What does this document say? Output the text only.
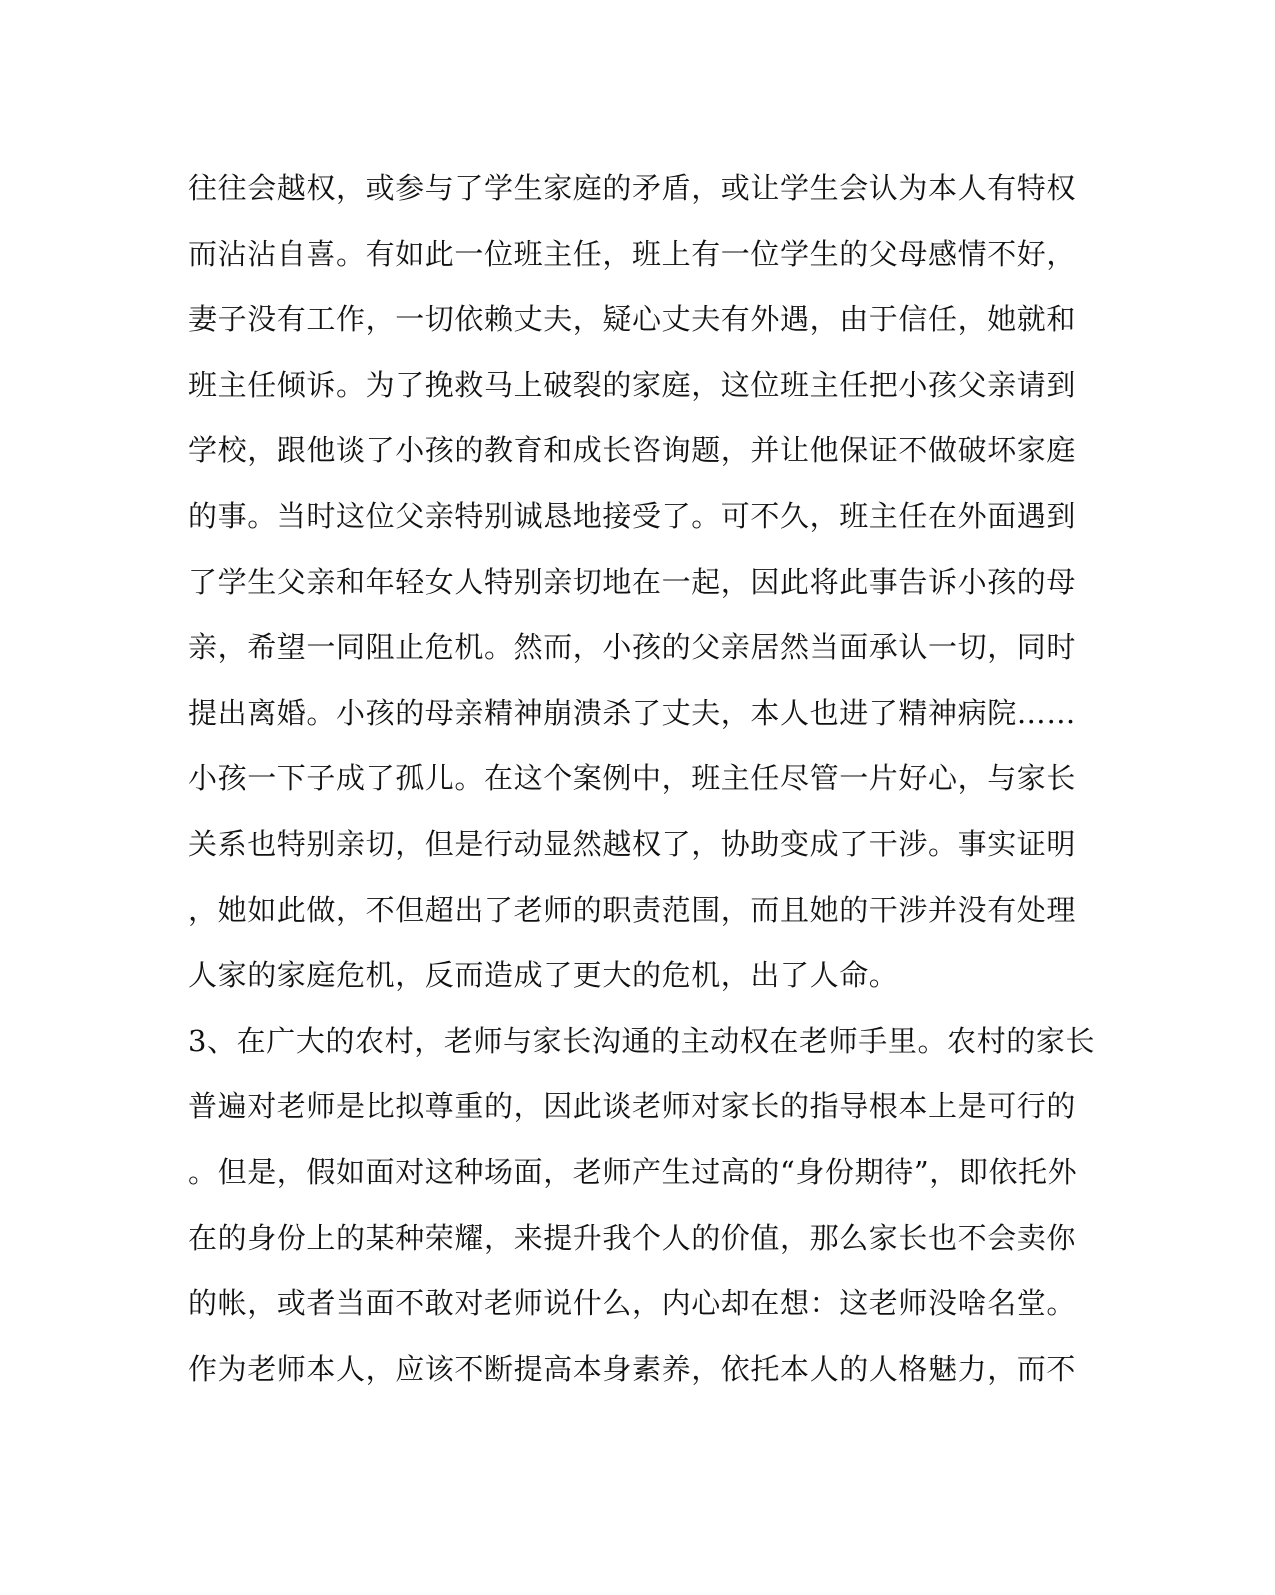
往往会越权，或参与了学生家庭的矛盾，或让学生会认为本人有特权
而沾沾自喜。有如此一位班主任，班上有一位学生的父母感情不好，
妻子没有工作，一切依赖丈夫，疑心丈夫有外遇，由于信任，她就和
班主任倾诉。为了挽救马上破裂的家庭，这位班主任把小孩父亲请到
学校，跟他谈了小孩的教育和成长咨询题，并让他保证不做破坏家庭
的事。当时这位父亲特别诚恳地接受了。可不久，班主任在外面遇到
了学生父亲和年轻女人特别亲切地在一起，因此将此事告诉小孩的母
亲，希望一同阻止危机。然而，小孩的父亲居然当面承认一切，同时
提出离婚。小孩的母亲精神崩溃杀了丈夫，本人也进了精神病院……
小孩一下子成了孤儿。在这个案例中，班主任尽管一片好心，与家长
关系也特别亲切，但是行动显然越权了，协助变成了干涉。事实证明
，她如此做，不但超出了老师的职责范围，而且她的干涉并没有处理
人家的家庭危机，反而造成了更大的危机，出了人命。
3、在广大的农村，老师与家长沟通的主动权在老师手里。农村的家长
普遍对老师是比拟尊重的，因此谈老师对家长的指导根本上是可行的
。但是，假如面对这种场面，老师产生过高的“身份期待”，即依托外
在的身份上的某种荣耀，来提升我个人的价值，那么家长也不会卖你
的帐，或者当面不敢对老师说什么，内心却在想：这老师没啥名堂。
作为老师本人，应该不断提高本身素养，依托本人的人格魅力，而不
